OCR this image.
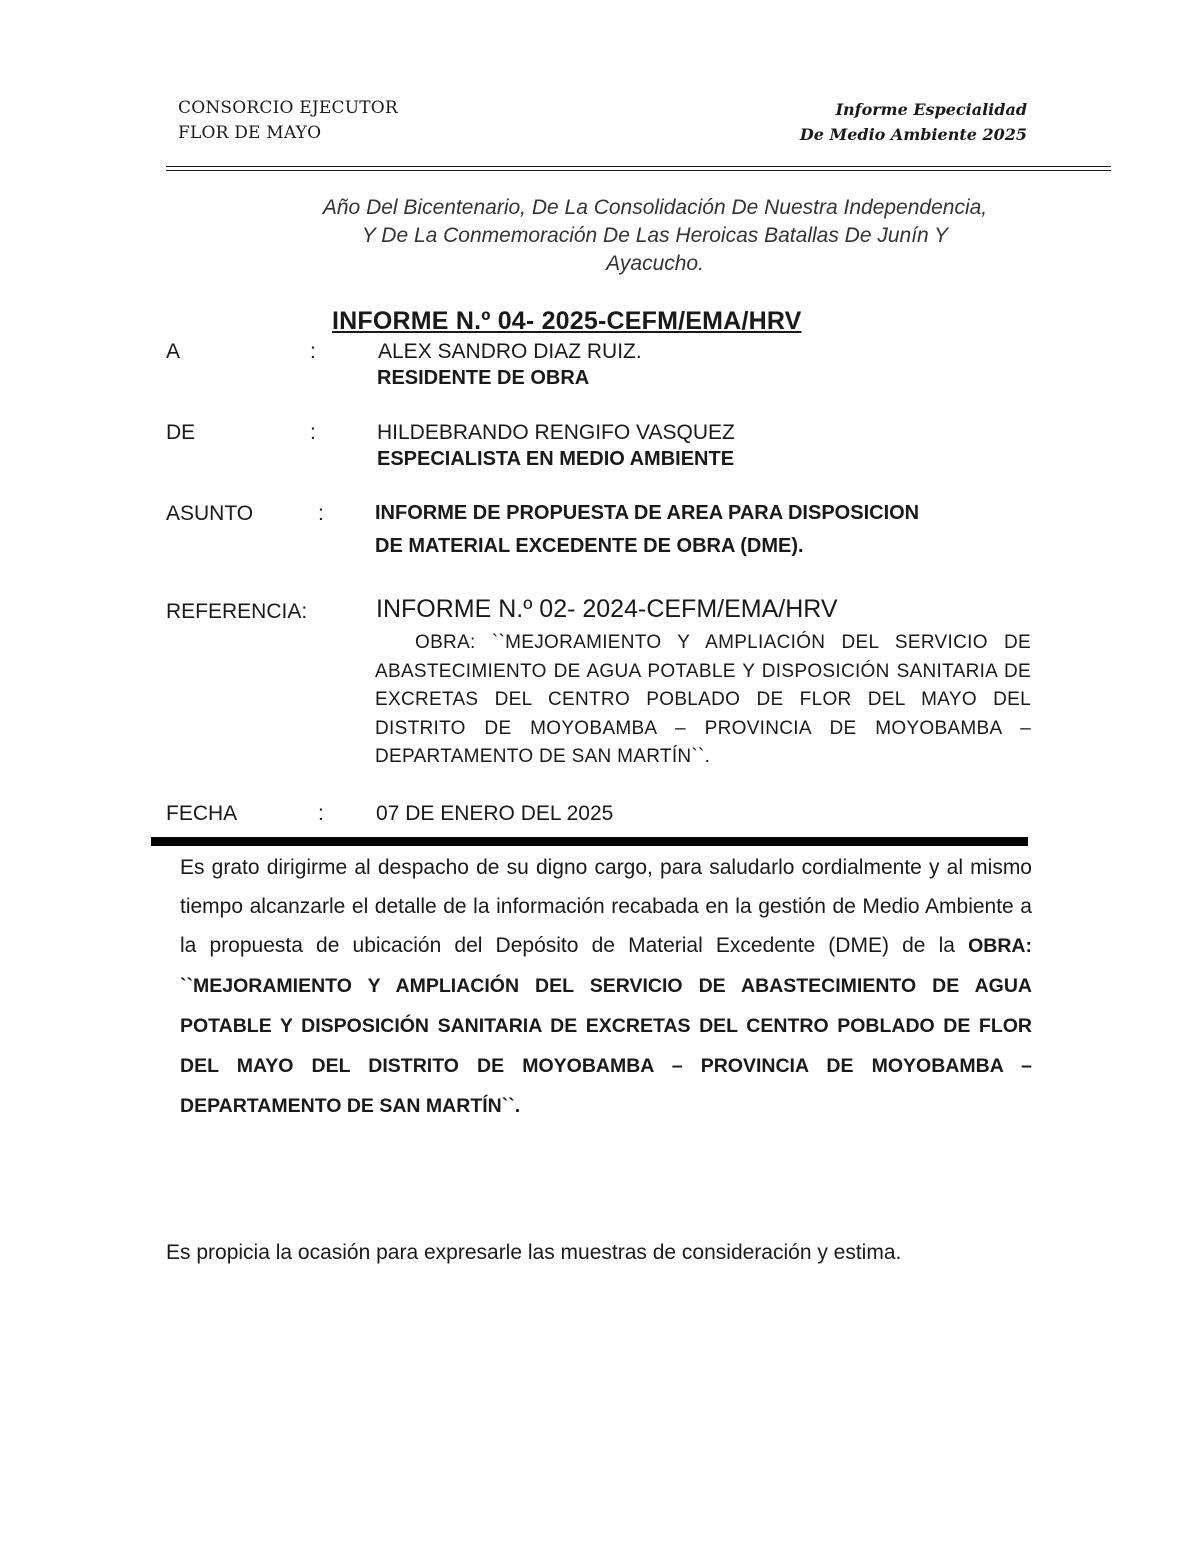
CONSORCIO EJECUTOR
FLOR DE MAYO
Informe Especialidad
De Medio Ambiente 2025
Año Del Bicentenario, De La Consolidación De Nuestra Independencia,
Y De La Conmemoración De Las Heroicas Batallas De Junín Y
Ayacucho.
INFORME N.º 04- 2025-CEFM/EMA/HRV
A	:	ALEX SANDRO DIAZ RUIZ.
RESIDENTE DE OBRA
DE	:	HILDEBRANDO RENGIFO VASQUEZ
ESPECIALISTA EN MEDIO AMBIENTE
ASUNTO	:	INFORME DE PROPUESTA DE AREA PARA DISPOSICION
DE MATERIAL EXCEDENTE DE OBRA (DME).
REFERENCIA:	INFORME N.º 02- 2024-CEFM/EMA/HRV
OBRA: ``MEJORAMIENTO Y AMPLIACIÓN DEL SERVICIO DE ABASTECIMIENTO DE AGUA POTABLE Y DISPOSICIÓN SANITARIA DE EXCRETAS DEL CENTRO POBLADO DE FLOR DEL MAYO DEL DISTRITO DE MOYOBAMBA – PROVINCIA DE MOYOBAMBA – DEPARTAMENTO DE SAN MARTÍN``.
FECHA	: 07 DE ENERO DEL 2025
Es grato dirigirme al despacho de su digno cargo, para saludarlo cordialmente y al mismo tiempo alcanzarle el detalle de la información recabada en la gestión de Medio Ambiente a la propuesta de ubicación del Depósito de Material Excedente (DME) de la OBRA: ``MEJORAMIENTO Y AMPLIACIÓN DEL SERVICIO DE ABASTECIMIENTO DE AGUA POTABLE Y DISPOSICIÓN SANITARIA DE EXCRETAS DEL CENTRO POBLADO DE FLOR DEL MAYO DEL DISTRITO DE MOYOBAMBA – PROVINCIA DE MOYOBAMBA – DEPARTAMENTO DE SAN MARTÍN``.
Es propicia la ocasión para expresarle las muestras de consideración y estima.
